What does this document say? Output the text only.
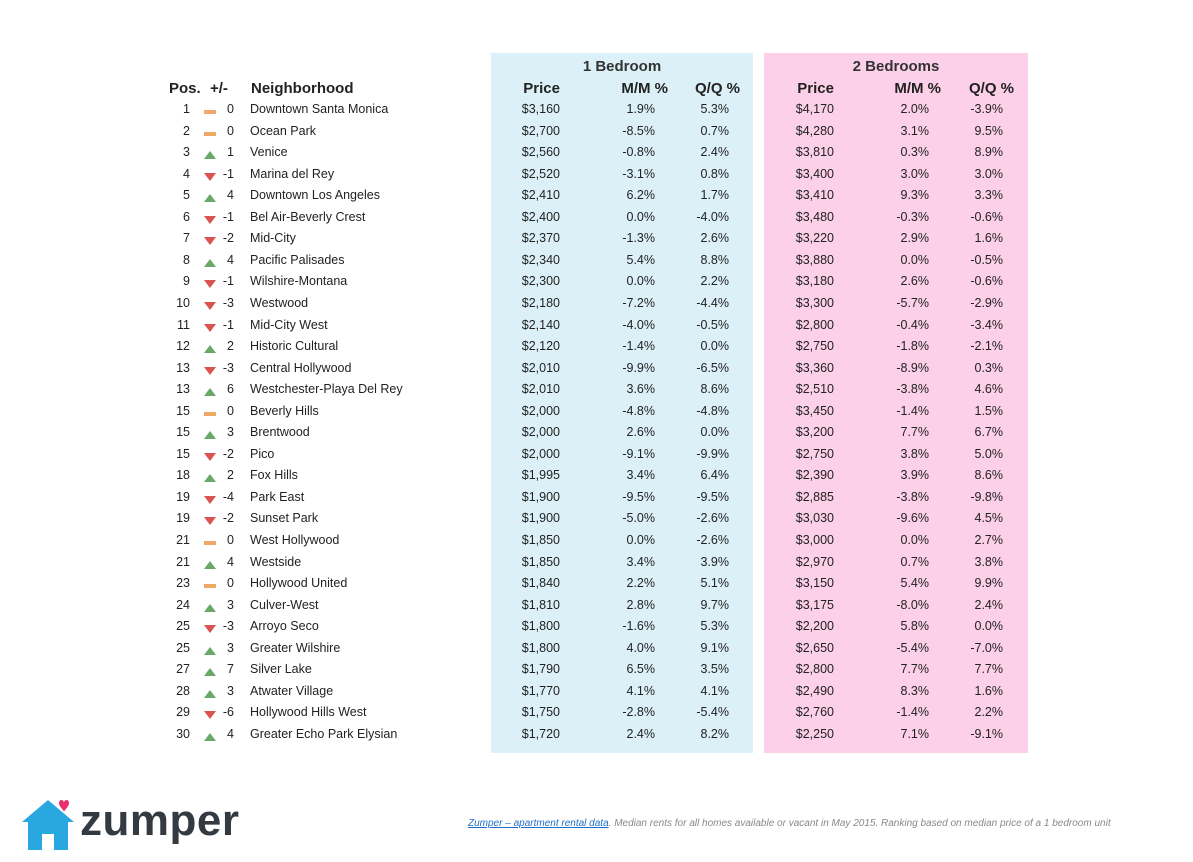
1 Bedroom	2 Bedrooms
Pos. +/- Neighborhood	Price	M/M %	Q/Q %	Price	M/M %	Q/Q %
1	0 Downtown Santa Monica	$3,160	1.9%	5.3%	$4,170	2.0%	-3.9%
2	0 Ocean Park	$2,700	-8.5%	0.7%	$4,280	3.1%	9.5%
3	1 Venice	$2,560	-0.8%	2.4%	$3,810	0.3%	8.9%
4	-1 Marina del Rey	$2,520	-3.1%	0.8%	$3,400	3.0%	3.0%
5	4 Downtown Los Angeles	$2,410	6.2%	1.7%	$3,410	9.3%	3.3%
6	-1 Bel Air-Beverly Crest	$2,400	0.0%	-4.0%	$3,480	-0.3%	-0.6%
7	-2 Mid-City	$2,370	-1.3%	2.6%	$3,220	2.9%	1.6%
8	4 Pacific Palisades	$2,340	5.4%	8.8%	$3,880	0.0%	-0.5%
9	-1 Wilshire-Montana	$2,300	0.0%	2.2%	$3,180	2.6%	-0.6%
10	-3 Westwood	$2,180	-7.2%	-4.4%	$3,300	-5.7%	-2.9%
11	-1 Mid-City West	$2,140	-4.0%	-0.5%	$2,800	-0.4%	-3.4%
12	2 Historic Cultural	$2,120	-1.4%	0.0%	$2,750	-1.8%	-2.1%
13	-3 Central Hollywood	$2,010	-9.9%	-6.5%	$3,360	-8.9%	0.3%
13	6 Westchester-Playa Del Rey	$2,010	3.6%	8.6%	$2,510	-3.8%	4.6%
15	0 Beverly Hills	$2,000	-4.8%	-4.8%	$3,450	-1.4%	1.5%
15	3 Brentwood	$2,000	2.6%	0.0%	$3,200	7.7%	6.7%
15	-2 Pico	$2,000	-9.1%	-9.9%	$2,750	3.8%	5.0%
18	2 Fox Hills	$1,995	3.4%	6.4%	$2,390	3.9%	8.6%
19	-4 Park East	$1,900	-9.5%	-9.5%	$2,885	-3.8%	-9.8%
19	-2 Sunset Park	$1,900	-5.0%	-2.6%	$3,030	-9.6%	4.5%
21	0 West Hollywood	$1,850	0.0%	-2.6%	$3,000	0.0%	2.7%
21	4 Westside	$1,850	3.4%	3.9%	$2,970	0.7%	3.8%
23	0 Hollywood United	$1,840	2.2%	5.1%	$3,150	5.4%	9.9%
24	3 Culver-West	$1,810	2.8%	9.7%	$3,175	-8.0%	2.4%
25	-3 Arroyo Seco	$1,800	-1.6%	5.3%	$2,200	5.8%	0.0%
25	3 Greater Wilshire	$1,800	4.0%	9.1%	$2,650	-5.4%	-7.0%
27	7 Silver Lake	$1,790	6.5%	3.5%	$2,800	7.7%	7.7%
28	3 Atwater Village	$1,770	4.1%	4.1%	$2,490	8.3%	1.6%
29	-6 Hollywood Hills West	$1,750	-2.8%	-5.4%	$2,760	-1.4%	2.2%
30	4 Greater Echo Park Elysian	$1,720	2.4%	8.2%	$2,250	7.1%	-9.1%
zumper	Zumper – apartment rental data. Median rents for all homes available or vacant in May 2015. Ranking based on median price of a 1 bedroom unit
